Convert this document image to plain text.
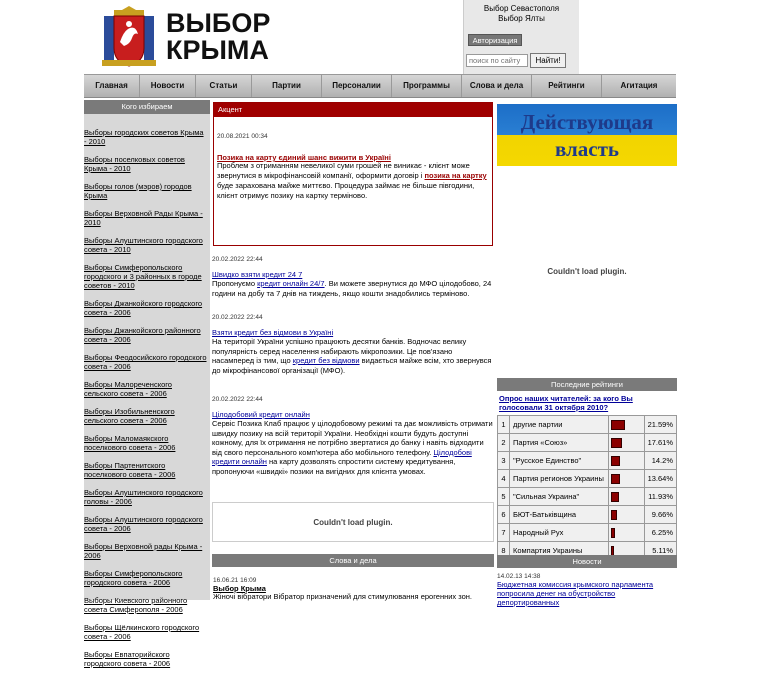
ВЫБОР
КРЫМА
Выбор Севастополя
Выбор Ялты
Авторизация
поиск по сайту
Найти!
Главная	Новости	Статьи	Партии	Персоналии	Программы	Слова и дела	Рейтинги	Агитация
Кого избираем
Выборы городских советов Крыма - 2010
Выборы поселковых советов Крыма - 2010
Выборы голов (мэров) городов Крыма
Выборы Верховной Рады Крыма - 2010
Выборы Алуштинского городского совета - 2010
Выборы Симферопольского городского и 3 районных в городе советов - 2010
Выборы Джанкойского городского совета - 2006
Выборы Джанкойского районного совета - 2006
Выборы Феодосийского городского совета - 2006
Выборы Малореченского сельского совета - 2006
Выборы Изобильненского сельского совета - 2006
Выборы Маломаякского поселкового совета - 2006
Выборы Партенитского поселкового совета - 2006
Выборы Алуштинского городского головы - 2006
Выборы Алуштинского городского совета - 2006
Выборы Верховной рады Крыма - 2006
Выборы Симферопольского городского совета - 2006
Выборы Киевского районного совета Симферополя - 2006
Выборы Щёлкинского городского совета - 2006
Выборы Евпаторийского городского совета - 2006
Акцент
20.08.2021 00:34
Позика на карту єдиний шанс вижити в Україні
Проблем з отриманням невеликої суми грошей не виникає - клієнт може звернутися в мікрофінансовій компанії, оформити договір і позика на картку буде зарахована майже миттєво. Процедура займає не більше півгодини, клієнт отримує позику на картку терміново.
20.02.2022 22:44
Швидко взяти кредит 24 7
Пропонуємо кредит онлайн 24/7. Ви можете звернутися до МФО цілодобово, 24 години на добу та 7 днів на тиждень, якщо кошти знадобились терміново.
20.02.2022 22:44
Взяти кредит без відмови в Україні
На території України успішно працюють десятки банків. Водночас велику популярність серед населення набирають мікропозики. Це пов'язано насамперед із тим, що кредит без відмови видається майже всім, хто звернувся до мікрофінансової організації (МФО).
20.02.2022 22:44
Цілодобовий кредит онлайн
Сервіс Позика Клаб працює у цілодобовому режимі та дає можливість отримати швидку позику на всій території України. Необхідні кошти будуть доступні кожному, для їх отримання не потрібно звертатися до банку і навіть відходити від свого персонального комп'ютера або мобільного телефону. Цілодобові кредити онлайн на карту дозволять спростити систему кредитування, пропонуючи «швидкі» позики на вигідних для клієнта умовах.
Couldn't load plugin.
Слова и дела
16.06.21 16:09
Выбор Крыма
Жіночі вібратори Вібратор призначений для стимулювання ерогенних зон.
Действующая
власть
Couldn't load plugin.
Последние рейтинги
Опрос наших читателей: за кого Вы голосовали 31 октября 2010?
1	другие партии		21.59%
2	Партия «Союз»		17.61%
3	"Русское Единство"		14.2%
4	Партия регионов Украины		13.64%
5	"Сильная Украина"		11.93%
6	БЮТ-Батьківщина		9.66%
7	Народный Рух		6.25%
8	Компартия Украины		5.11%
Новости
14.02.13 14:38
Бюджетная комиссия крымского парламента попросила денег на обустройство депортированных
